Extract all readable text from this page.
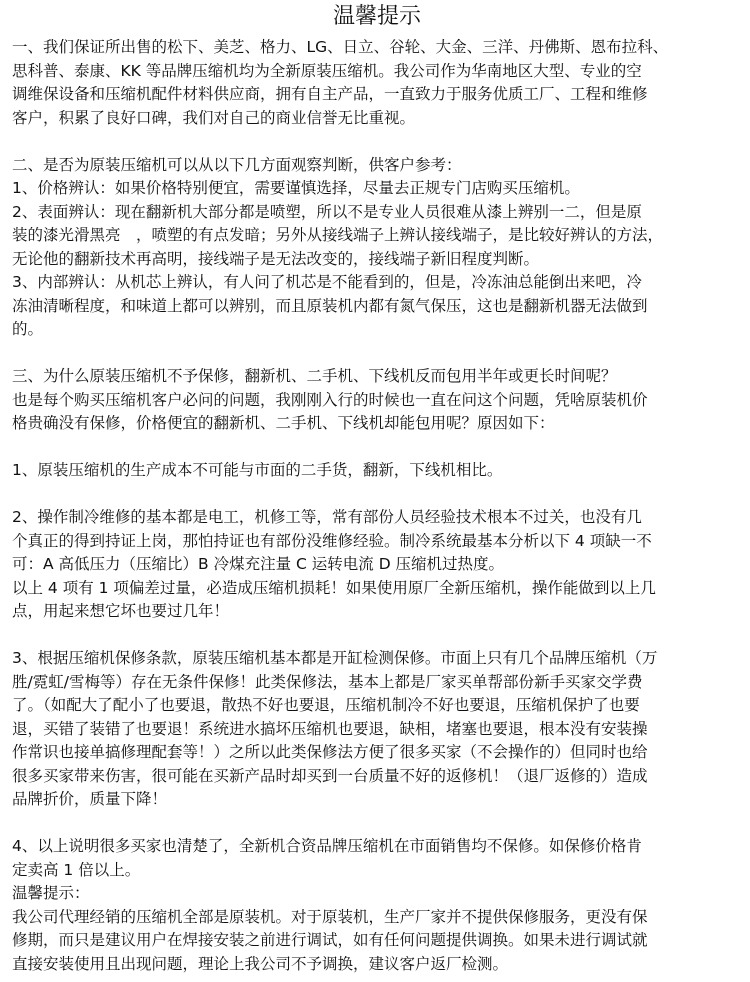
温馨提示

一、我们保证所出售的松下、美芝、格力、LG、日立、谷轮、大金、三洋、丹佛斯、恩布拉科、

思科普、泰康、KK 等品牌压缩机均为全新原装压缩机。我公司作为华南地区大型、专业的空

调维保设备和压缩机配件材料供应商，拥有自主产品，一直致力于服务优质工厂、工程和维修

客户，积累了良好口碑，我们对自己的商业信誉无比重视。

二、是否为原装压缩机可以从以下几方面观察判断，供客户参考：

1、价格辨认：如果价格特别便宜，需要谨慎选择，尽量去正规专门店购买压缩机。

2、表面辨认：现在翻新机大部分都是喷塑，所以不是专业人员很难从漆上辨别一二，但是原

装的漆光滑黑亮　，喷塑的有点发暗；另外从接线端子上辨认接线端子，是比较好辨认的方法，

无论他的翻新技术再高明，接线端子是无法改变的，接线端子新旧程度判断。

3、内部辨认：从机芯上辨认，有人问了机芯是不能看到的，但是，冷冻油总能倒出来吧，冷

冻油清晰程度，和味道上都可以辨别，而且原装机内都有氮气保压，这也是翻新机器无法做到

的。

三、为什么原装压缩机不予保修，翻新机、二手机、下线机反而包用半年或更长时间呢？

也是每个购买压缩机客户必问的问题，我刚刚入行的时候也一直在问这个问题，凭啥原装机价

格贵确没有保修，价格便宜的翻新机、二手机、下线机却能包用呢？原因如下：

1、原装压缩机的生产成本不可能与市面的二手货，翻新，下线机相比。

2、操作制冷维修的基本都是电工，机修工等，常有部份人员经验技术根本不过关，也没有几

个真正的得到持证上岗，那怕持证也有部份没维修经验。制冷系统最基本分析以下 4 项缺一不

可：A 高低压力（压缩比）B 冷煤充注量 C 运转电流 D 压缩机过热度。

以上 4 项有 1 项偏差过量，必造成压缩机损耗！如果使用原厂全新压缩机，操作能做到以上几

点，用起来想它坏也要过几年！

3、根据压缩机保修条款，原装压缩机基本都是开缸检测保修。市面上只有几个品牌压缩机（万

胜/霓虹/雪梅等）存在无条件保修！此类保修法，基本上都是厂家买单帮部份新手买家交学费

了。（如配大了配小了也要退，散热不好也要退，压缩机制冷不好也要退，压缩机保护了也要

退，买错了装错了也要退！系统进水搞坏压缩机也要退，缺相，堵塞也要退，根本没有安装操

作常识也接单搞修理配套等！）之所以此类保修法方便了很多买家（不会操作的）但同时也给

很多买家带来伤害，很可能在买新产品时却买到一台质量不好的返修机！（退厂返修的）造成

品牌折价，质量下降！

4、以上说明很多买家也清楚了，全新机合资品牌压缩机在市面销售均不保修。如保修价格肯

定卖高 1 倍以上。

温馨提示：

我公司代理经销的压缩机全部是原装机。对于原装机，生产厂家并不提供保修服务，更没有保

修期，而只是建议用户在焊接安装之前进行调试，如有任何问题提供调换。如果未进行调试就

直接安装使用且出现问题，理论上我公司不予调换，建议客户返厂检测。
